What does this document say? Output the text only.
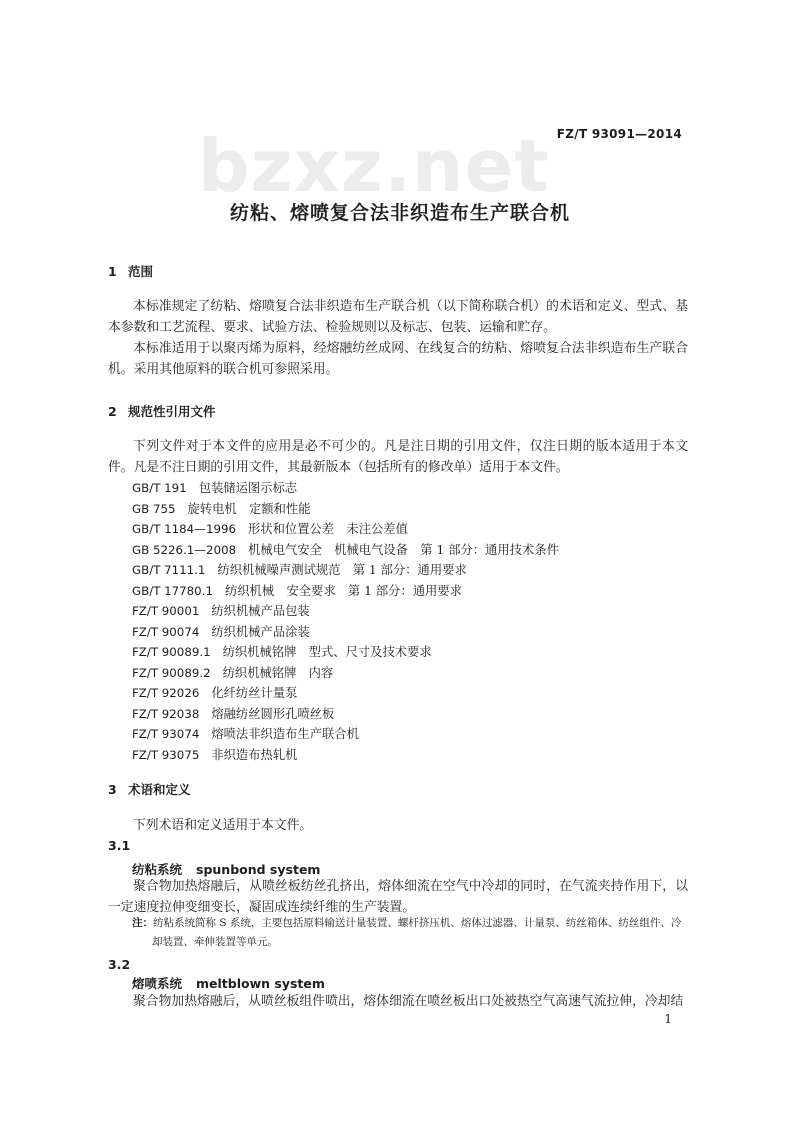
bzxz.net FZ/T 93091—2014
纺粘、熔喷复合法非织造布生产联合机
1 范围
本标准规定了纺粘、熔喷复合法非织造布生产联合机（以下简称联合机）的术语和定义、型式、基本参数和工艺流程、要求、试验方法、检验规则以及标志、包装、运输和贮存。
本标准适用于以聚丙烯为原料，经熔融纺丝成网、在线复合的纺粘、熔喷复合法非织造布生产联合机。采用其他原料的联合机可参照采用。
2 规范性引用文件
下列文件对于本文件的应用是必不可少的。凡是注日期的引用文件，仅注日期的版本适用于本文件。凡是不注日期的引用文件，其最新版本（包括所有的修改单）适用于本文件。
GB/T 191 包装储运图示标志
GB 755 旋转电机　定额和性能
GB/T 1184—1996 形状和位置公差　未注公差值
GB 5226.1—2008 机械电气安全　机械电气设备　第 1 部分：通用技术条件
GB/T 7111.1 纺织机械噪声测试规范　第 1 部分：通用要求
GB/T 17780.1 纺织机械　安全要求　第 1 部分：通用要求
FZ/T 90001 纺织机械产品包装
FZ/T 90074 纺织机械产品涂装
FZ/T 90089.1 纺织机械铭牌　型式、尺寸及技术要求
FZ/T 90089.2 纺织机械铭牌　内容
FZ/T 92026 化纤纺丝计量泵
FZ/T 92038 熔融纺丝圆形孔喷丝板
FZ/T 93074 熔喷法非织造布生产联合机
FZ/T 93075 非织造布热轧机
3 术语和定义
下列术语和定义适用于本文件。
3.1
纺粘系统 spunbond system
聚合物加热熔融后，从喷丝板纺丝孔挤出，熔体细流在空气中冷却的同时，在气流夹持作用下，以一定速度拉伸变细变长，凝固成连续纤维的生产装置。
注：纺粘系统简称 S 系统，主要包括原料输送计量装置、螺杆挤压机、熔体过滤器、计量泵、纺丝箱体、纺丝组件、冷
却装置、牵伸装置等单元。
3.2
熔喷系统 meltblown system
聚合物加热熔融后，从喷丝板组件喷出，熔体细流在喷丝板出口处被热空气高速气流拉伸，冷却结
1
